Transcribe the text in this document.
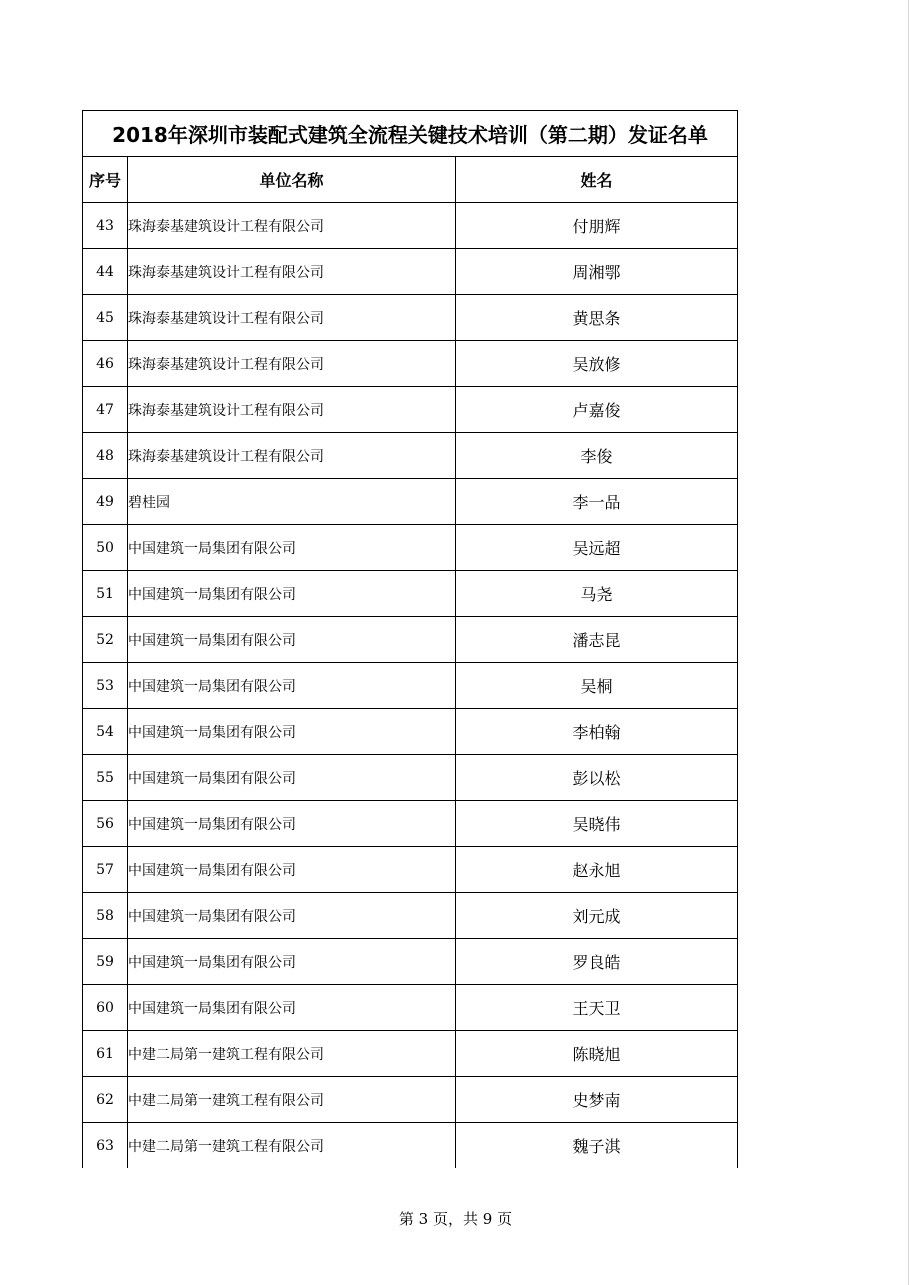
2018年深圳市装配式建筑全流程关键技术培训（第二期）发证名单		
序号	单位名称	姓名
43	珠海泰基建筑设计工程有限公司	付朋辉
44	珠海泰基建筑设计工程有限公司	周湘鄂
45	珠海泰基建筑设计工程有限公司	黄思条
46	珠海泰基建筑设计工程有限公司	吴放修
47	珠海泰基建筑设计工程有限公司	卢嘉俊
48	珠海泰基建筑设计工程有限公司	李俊
49	碧桂园	李一品
50	中国建筑一局集团有限公司	吴远超
51	中国建筑一局集团有限公司	马尧
52	中国建筑一局集团有限公司	潘志昆
53	中国建筑一局集团有限公司	吴桐
54	中国建筑一局集团有限公司	李柏翰
55	中国建筑一局集团有限公司	彭以松
56	中国建筑一局集团有限公司	吴晓伟
57	中国建筑一局集团有限公司	赵永旭
58	中国建筑一局集团有限公司	刘元成
59	中国建筑一局集团有限公司	罗良皓
60	中国建筑一局集团有限公司	王天卫
61	中建二局第一建筑工程有限公司	陈晓旭
62	中建二局第一建筑工程有限公司	史梦南
63	中建二局第一建筑工程有限公司	魏子淇
第 3 页，共 9 页
